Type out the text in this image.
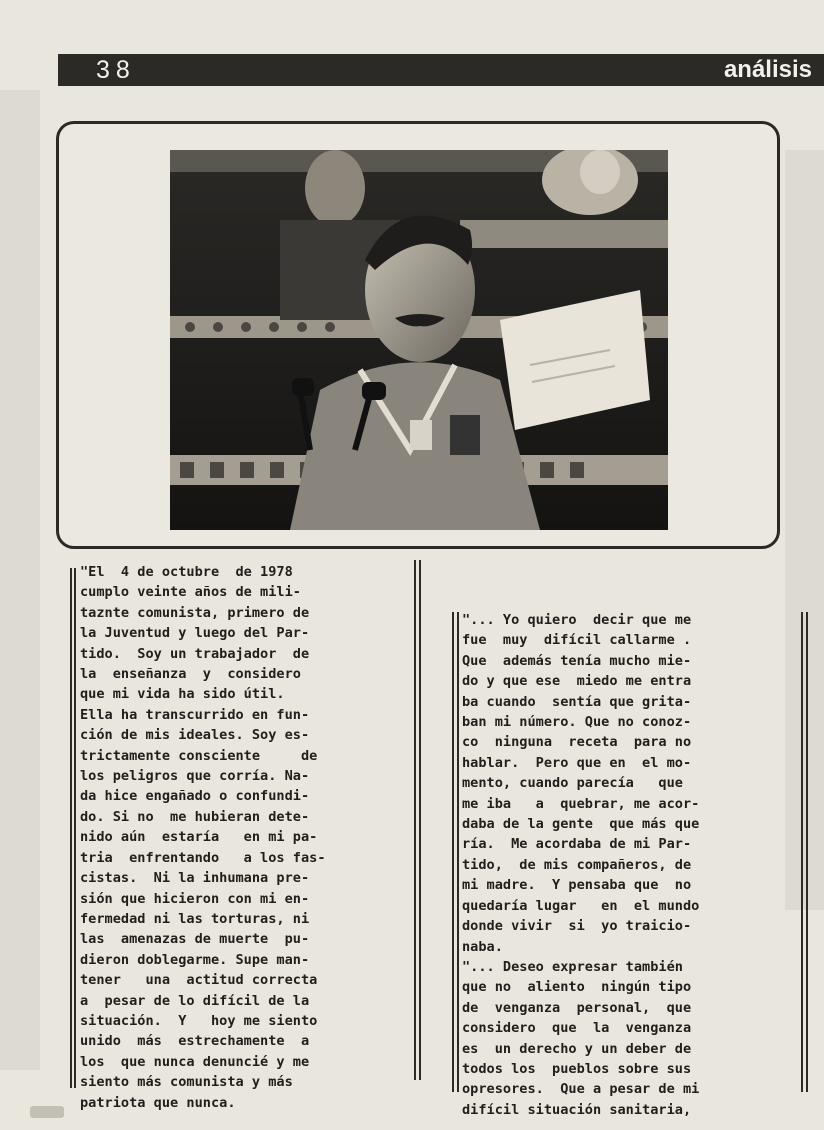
38	análisis

"El  4 de octubre  de 1978

cumplo veinte años de mili-

taznte comunista, primero de

la Juventud y luego del Par-

tido.  Soy un trabajador  de

la  enseñanza  y  considero

que mi vida ha sido útil.

Ella ha transcurrido en fun-

ción de mis ideales. Soy es-

trictamente consciente     de

los peligros que corría. Na-

da hice engañado o confundi-

do. Si no  me hubieran dete-

nido aún  estaría   en mi pa-

tria  enfrentando   a los fas-

cistas.  Ni la inhumana pre-

sión que hicieron con mi en-

fermedad ni las torturas, ni

las  amenazas de muerte  pu-

dieron doblegarme. Supe man-

tener   una  actitud correcta

a  pesar de lo difícil de la

situación.  Y   hoy me siento

unido  más  estrechamente  a

los  que nunca denuncié y me

siento más comunista y más

patriota que nunca.

"... Yo quiero  decir que me

fue  muy  difícil callarme .

Que  además tenía mucho mie-

do y que ese  miedo me entra

ba cuando  sentía que grita-

ban mi número. Que no conoz-

co  ninguna  receta  para no

hablar.  Pero que en  el mo-

mento, cuando parecía   que

me iba   a  quebrar, me acor-

daba de la gente  que más que

ría.  Me acordaba de mi Par-

tido,  de mis compañeros, de

mi madre.  Y pensaba que  no

quedaría lugar   en  el mundo

donde vivir  si  yo traicio-

naba.

"... Deseo expresar también

que no  aliento  ningún tipo

de  venganza  personal,  que

considero  que  la  venganza

es  un derecho y un deber de

todos los  pueblos sobre sus

opresores.  Que a pesar de mi

difícil situación sanitaria,
